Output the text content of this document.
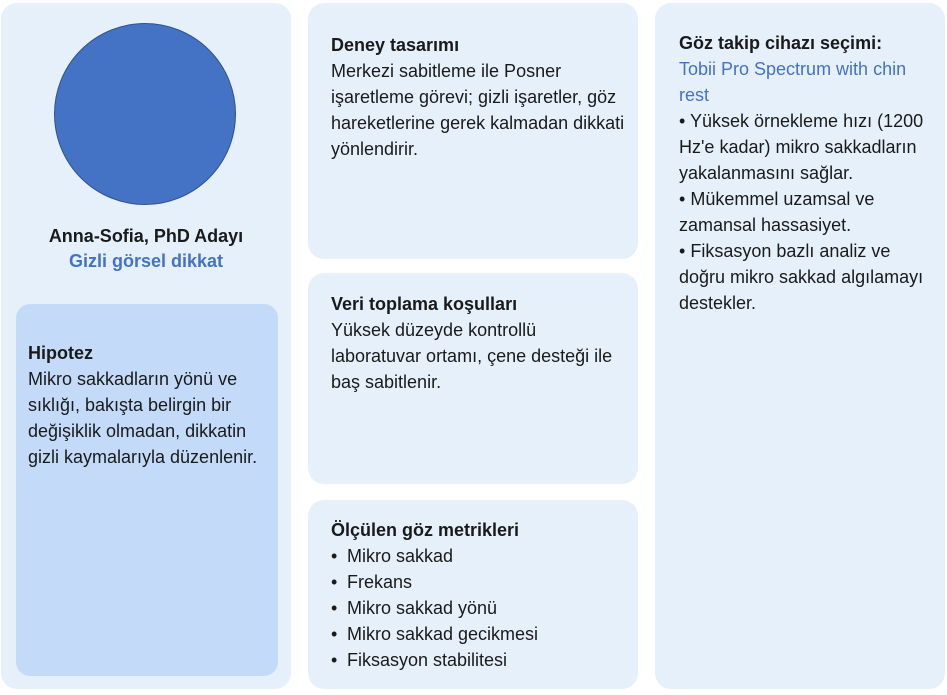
Anna-Sofia, PhD Adayı
Gizli görsel dikkat
Hipotez
Mikro sakkadların yönü ve sıklığı, bakışta belirgin bir değişiklik olmadan, dikkatin gizli kaymalarıyla düzenlenir.
Deney tasarımı
Merkezi sabitleme ile Posner işaretleme görevi; gizli işaretler, göz hareketlerine gerek kalmadan dikkati yönlendirir.
Veri toplama koşulları
Yüksek düzeyde kontrollü laboratuvar ortamı, çene desteği ile baş sabitlenir.
Ölçülen göz metrikleri
• Mikro sakkad
• Frekans
• Mikro sakkad yönü
• Mikro sakkad gecikmesi
• Fiksasyon stabilitesi
Göz takip cihazı seçimi:
Tobii Pro Spectrum with chin rest
• Yüksek örnekleme hızı (1200 Hz'e kadar) mikro sakkadların yakalanmasını sağlar.
• Mükemmel uzamsal ve zamansal hassasiyet.
• Fiksasyon bazlı analiz ve doğru mikro sakkad algılamayı destekler.
